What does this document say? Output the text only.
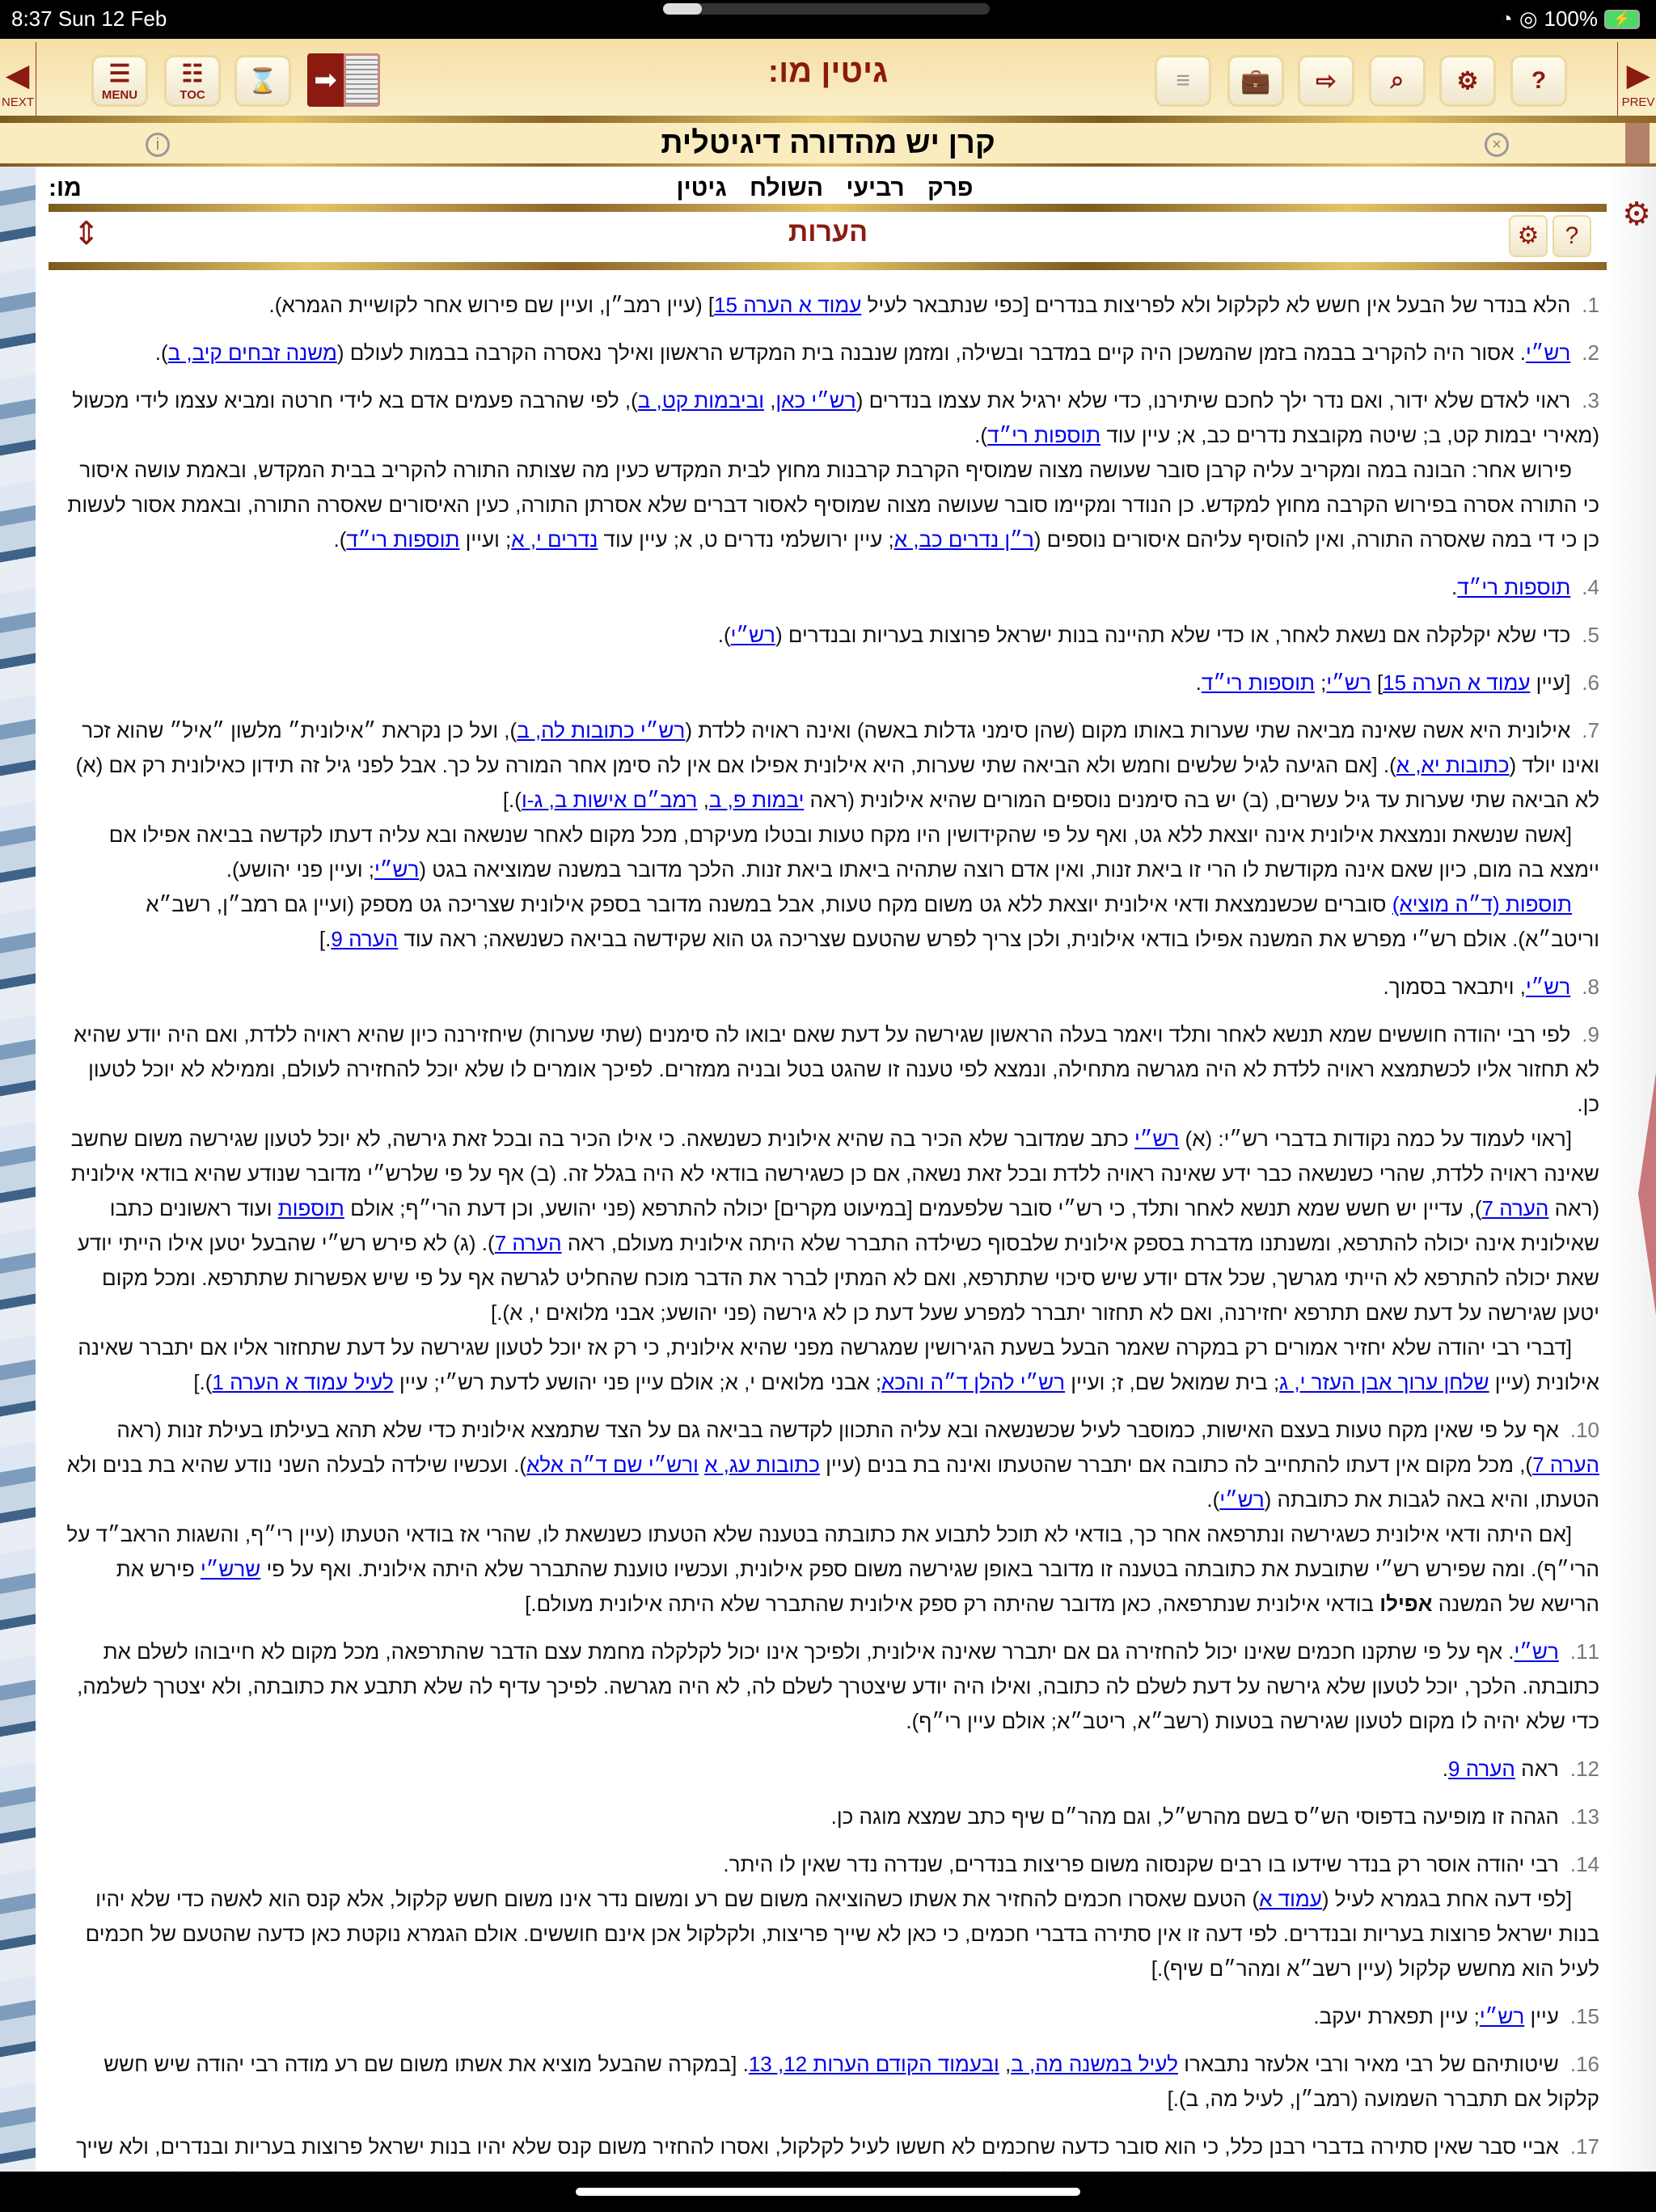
8:37 Sun 12 Feb	◔ ◎ 100%	⚡
◀
NEXT
☰
MENU
☷
TOC
⌛ ➡	גיטין מו:	≡ 💼 ⇨ ⌕ ⚙ ?	▶
PREV
i	קרן יש מהדורה דיגיטלית	×
⚙
מו:	פרק רביעי השולח גיטין
⇕	הערות	⚙	?

1.הלא בנדר של הבעל אין חשש לא לקלקול ולא לפריצות בנדרים [כפי שנתבאר לעיל עמוד א הערה 15] (עיין רמב״ן, ועיין שם פירוש אחר לקושיית הגמרא).

2.רש״י. אסור היה להקריב בבמה בזמן שהמשכן היה קיים במדבר ובשילה, ומזמן שנבנה בית המקדש הראשון ואילך נאסרה הקרבה בבמות לעולם (משנה זבחים קיב, ב).

3.ראוי לאדם שלא ידור, ואם נדר ילך לחכם שיתירנו, כדי שלא ירגיל את עצמו בנדרים (רש״י כאן, וביבמות קט, ב), לפי שהרבה פעמים אדם בא לידי חרטה ומביא עצמו לידי מכשול (מאירי יבמות קט, ב; שיטה מקובצת נדרים כב, א; עיין עוד תוספות רי״ד).

פירוש אחר: הבונה במה ומקריב עליה קרבן סובר שעושה מצוה שמוסיף הקרבת קרבנות מחוץ לבית המקדש כעין מה שצותה התורה להקריב בבית המקדש, ובאמת עושה איסור כי התורה אסרה בפירוש הקרבה מחוץ למקדש. כן הנודר ומקיימו סובר שעושה מצוה שמוסיף לאסור דברים שלא אסרתן התורה, כעין האיסורים שאסרה התורה, ובאמת אסור לעשות כן כי די במה שאסרה התורה, ואין להוסיף עליהם איסורים נוספים (ר״ן נדרים כב, א; עיין ירושלמי נדרים ט, א; עיין עוד נדרים י, א; ועיין תוספות רי״ד).

4.תוספות רי״ד.

5.כדי שלא יקלקלה אם נשאת לאחר, או כדי שלא תהיינה בנות ישראל פרוצות בעריות ובנדרים (רש״י).

6.[עיין עמוד א הערה 15] רש״י; תוספות רי״ד.

7.אילונית היא אשה שאינה מביאה שתי שערות באותו מקום (שהן סימני גדלות באשה) ואינה ראויה ללדת (רש״י כתובות לה, ב), ועל כן נקראת ״אילונית״ מלשון ״איל״ שהוא זכר ואינו יולד (כתובות יא, א). [אם הגיעה לגיל שלשים וחמש ולא הביאה שתי שערות, היא אילונית אפילו אם אין לה סימן אחר המורה על כך. אבל לפני גיל זה תידון כאילונית רק אם (א) לא הביאה שתי שערות עד גיל עשרים, (ב) יש בה סימנים נוספים המורים שהיא אילונית (ראה יבמות פ, ב, רמב״ם אישות ב, ג-ו).]

[אשה שנשאת ונמצאת אילונית אינה יוצאת ללא גט, ואף על פי שהקידושין היו מקח טעות ובטלו מעיקרם, מכל מקום לאחר שנשאה ובא עליה דעתו לקדשה בביאה אפילו אם יימצא בה מום, כיון שאם אינה מקודשת לו הרי זו ביאת זנות, ואין אדם רוצה שתהיה ביאתו ביאת זנות. הלכך מדובר במשנה שמוציאה בגט (רש״י; ועיין פני יהושע).

תוספות (ד״ה מוציא) סוברים שכשנמצאת ודאי אילונית יוצאת ללא גט משום מקח טעות, אבל במשנה מדובר בספק אילונית שצריכה גט מספק (ועיין גם רמב״ן, רשב״א וריטב״א). אולם רש״י מפרש את המשנה אפילו בודאי אילונית, ולכן צריך לפרש שהטעם שצריכה גט הוא שקידשה בביאה כשנשאה; ראה עוד הערה 9.]

8.רש״י, ויתבאר בסמוך.

9.לפי רבי יהודה חוששים שמא תנשא לאחר ותלד ויאמר בעלה הראשון שגירשה על דעת שאם יבואו לה סימנים (שתי שערות) שיחזירנה כיון שהיא ראויה ללדת, ואם היה יודע שהיא לא תחזור אליו לכשתמצא ראויה ללדת לא היה מגרשה מתחילה, ונמצא לפי טענה זו שהגט בטל ובניה ממזרים. לפיכך אומרים לו שלא יוכל להחזירה לעולם, וממילא לא יוכל לטעון כן.

[ראוי לעמוד על כמה נקודות בדברי רש״י: (א) רש״י כתב שמדובר שלא הכיר בה שהיא אילונית כשנשאה. כי אילו הכיר בה ובכל זאת גירשה, לא יוכל לטעון שגירשה משום שחשב שאינה ראויה ללדת, שהרי כשנשאה כבר ידע שאינה ראויה ללדת ובכל זאת נשאה, אם כן כשגירשה בודאי לא היה בגלל זה. (ב) אף על פי שלרש״י מדובר שנודע שהיא בודאי אילונית (ראה הערה 7), עדיין יש חשש שמא תנשא לאחר ותלד, כי רש״י סובר שלפעמים [במיעוט מקרים] יכולה להתרפא (פני יהושע, וכן דעת הרי״ף; אולם תוספות ועוד ראשונים כתבו שאילונית אינה יכולה להתרפא, ומשנתנו מדברת בספק אילונית שלבסוף כשילדה התברר שלא היתה אילונית מעולם, ראה הערה 7). (ג) לא פירש רש״י שהבעל יטען אילו הייתי יודע שאת יכולה להתרפא לא הייתי מגרשך, שכל אדם יודע שיש סיכוי שתתרפא, ואם לא המתין לברר את הדבר מוכח שהחליט לגרשה אף על פי שיש אפשרות שתתרפא. ומכל מקום יטען שגירשה על דעת שאם תתרפא יחזירנה, ואם לא תחזור יתברר למפרע שעל דעת כן לא גירשה (פני יהושע; אבני מלואים י, א).]

[דברי רבי יהודה שלא יחזיר אמורים רק במקרה שאמר הבעל בשעת הגירושין שמגרשה מפני שהיא אילונית, כי רק אז יוכל לטעון שגירשה על דעת שתחזור אליו אם יתברר שאינה אילונית (עיין שלחן ערוך אבן העזר י, ג; בית שמואל שם, ז; ועיין רש״י להלן ד״ה והכא; אבני מלואים י, א; אולם עיין פני יהושע לדעת רש״י; עיין לעיל עמוד א הערה 1).]

10.אף על פי שאין מקח טעות בעצם האישות, כמוסבר לעיל שכשנשאה ובא עליה התכוון לקדשה בביאה גם על הצד שתמצא אילונית כדי שלא תהא בעילתו בעילת זנות (ראה הערה 7), מכל מקום אין דעתו להתחייב לה כתובה אם יתברר שהטעתו ואינה בת בנים (עיין כתובות עג, א ורש״י שם ד״ה אלא). ועכשיו שילדה לבעלה השני נודע שהיא בת בנים ולא הטעתו, והיא באה לגבות את כתובתה (רש״י).

[אם היתה ודאי אילונית כשגירשה ונתרפאה אחר כך, בודאי לא תוכל לתבוע את כתובתה בטענה שלא הטעתו כשנשאת לו, שהרי אז בודאי הטעתו (עיין רי״ף, והשגות הראב״ד על הרי״ף). ומה שפירש רש״י שתובעת את כתובתה בטענה זו מדובר באופן שגירשה משום ספק אילונית, ועכשיו טוענת שהתברר שלא היתה אילונית. ואף על פי שרש״י פירש את הרישא של המשנה אפילו בודאי אילונית שנתרפאה, כאן מדובר שהיתה רק ספק אילונית שהתברר שלא היתה אילונית מעולם.]

11.רש״י. אף על פי שתקנו חכמים שאינו יכול להחזירה גם אם יתברר שאינה אילונית, ולפיכך אינו יכול לקלקלה מחמת עצם הדבר שהתרפאה, מכל מקום לא חייבוהו לשלם את כתובתה. הלכך, יוכל לטעון שלא גירשה על דעת לשלם לה כתובה, ואילו היה יודע שיצטרך לשלם לה, לא היה מגרשה. לפיכך עדיף לה שלא תתבע את כתובתה, ולא יצטרך לשלמה, כדי שלא יהיה לו מקום לטעון שגירשה בטעות (רשב״א, ריטב״א; אולם עיין רי״ף).

12.ראה הערה 9.

13.הגהה זו מופיעה בדפוסי הש״ס בשם מהרש״ל, וגם מהר״ם שיף כתב שמצא מוגה כן.

14.רבי יהודה אוסר רק בנדר שידעו בו רבים שקנסוה משום פריצות בנדרים, שנדרה נדר שאין לו היתר.

[לפי דעה אחת בגמרא לעיל (עמוד א) הטעם שאסרו חכמים להחזיר את אשתו כשהוציאה משום שם רע ומשום נדר אינו משום חשש קלקול, אלא קנס הוא לאשה כדי שלא יהיו בנות ישראל פרוצות בעריות ובנדרים. לפי דעה זו אין סתירה בדברי חכמים, כי כאן לא שייך פריצות, ולקלקול אכן אינם חוששים. אולם הגמרא נוקטת כאן כדעה שהטעם של חכמים לעיל הוא מחשש קלקול (עיין רשב״א ומהר״ם שיף).]

15.עיין רש״י; עיין תפארת יעקב.

16.שיטותיהם של רבי מאיר ורבי אלעזר נתבארו לעיל במשנה מה, ב, ובעמוד הקודם הערות 12, 13. [במקרה שהבעל מוציא את אשתו משום שם רע מודה רבי יהודה שיש חשש קלקול אם תתברר השמועה (רמב״ן, לעיל מה, ב).]

17.אביי סבר שאין סתירה בדברי רבנן כלל, כי הוא סובר כדעה שחכמים לא חששו לעיל לקלקול, ואסרו להחזיר משום קנס שלא יהיו בנות ישראל פרוצות בעריות ובנדרים, ולא שייך
